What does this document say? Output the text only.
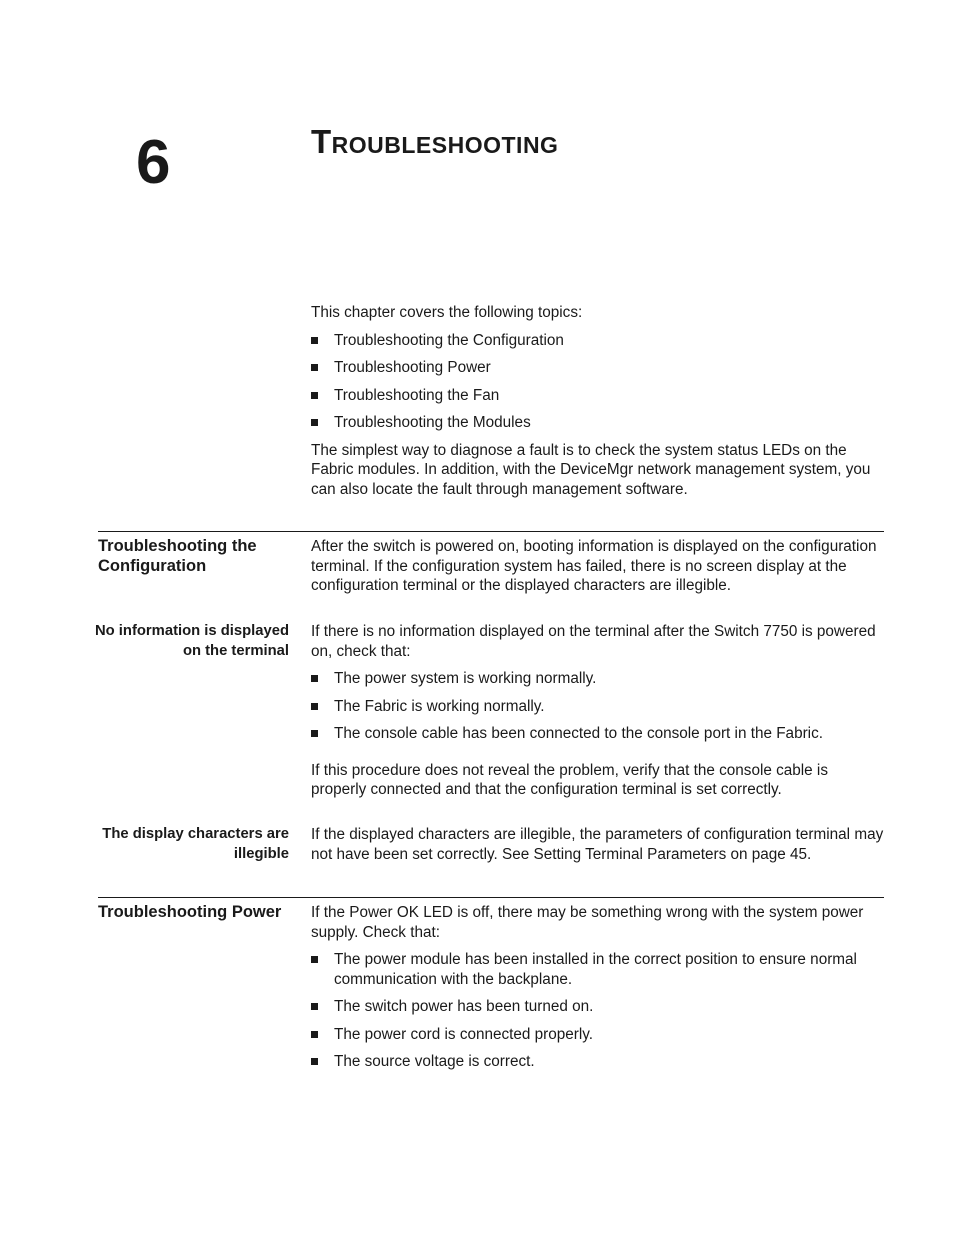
6	Troubleshooting

This chapter covers the following topics:

Troubleshooting the Configuration
Troubleshooting Power
Troubleshooting the Fan
Troubleshooting the Modules

The simplest way to diagnose a fault is to check the system status LEDs on the Fabric modules. In addition, with the DeviceMgr network management system, you can also locate the fault through management software.

Troubleshooting the Configuration

After the switch is powered on, booting information is displayed on the configuration terminal. If the configuration system has failed, there is no screen display at the configuration terminal or the displayed characters are illegible.

No information is displayed on the terminal

If there is no information displayed on the terminal after the Switch 7750 is powered on, check that:

The power system is working normally.
The Fabric is working normally.
The console cable has been connected to the console port in the Fabric.

If this procedure does not reveal the problem, verify that the console cable is properly connected and that the configuration terminal is set correctly.

The display characters are illegible

If the displayed characters are illegible, the parameters of configuration terminal may not have been set correctly. See Setting Terminal Parameters on page 45.

Troubleshooting Power	If the Power OK LED is off, there may be something wrong with the system power supply. Check that:

The power module has been installed in the correct position to ensure normal communication with the backplane.
The switch power has been turned on.
The power cord is connected properly.
The source voltage is correct.
